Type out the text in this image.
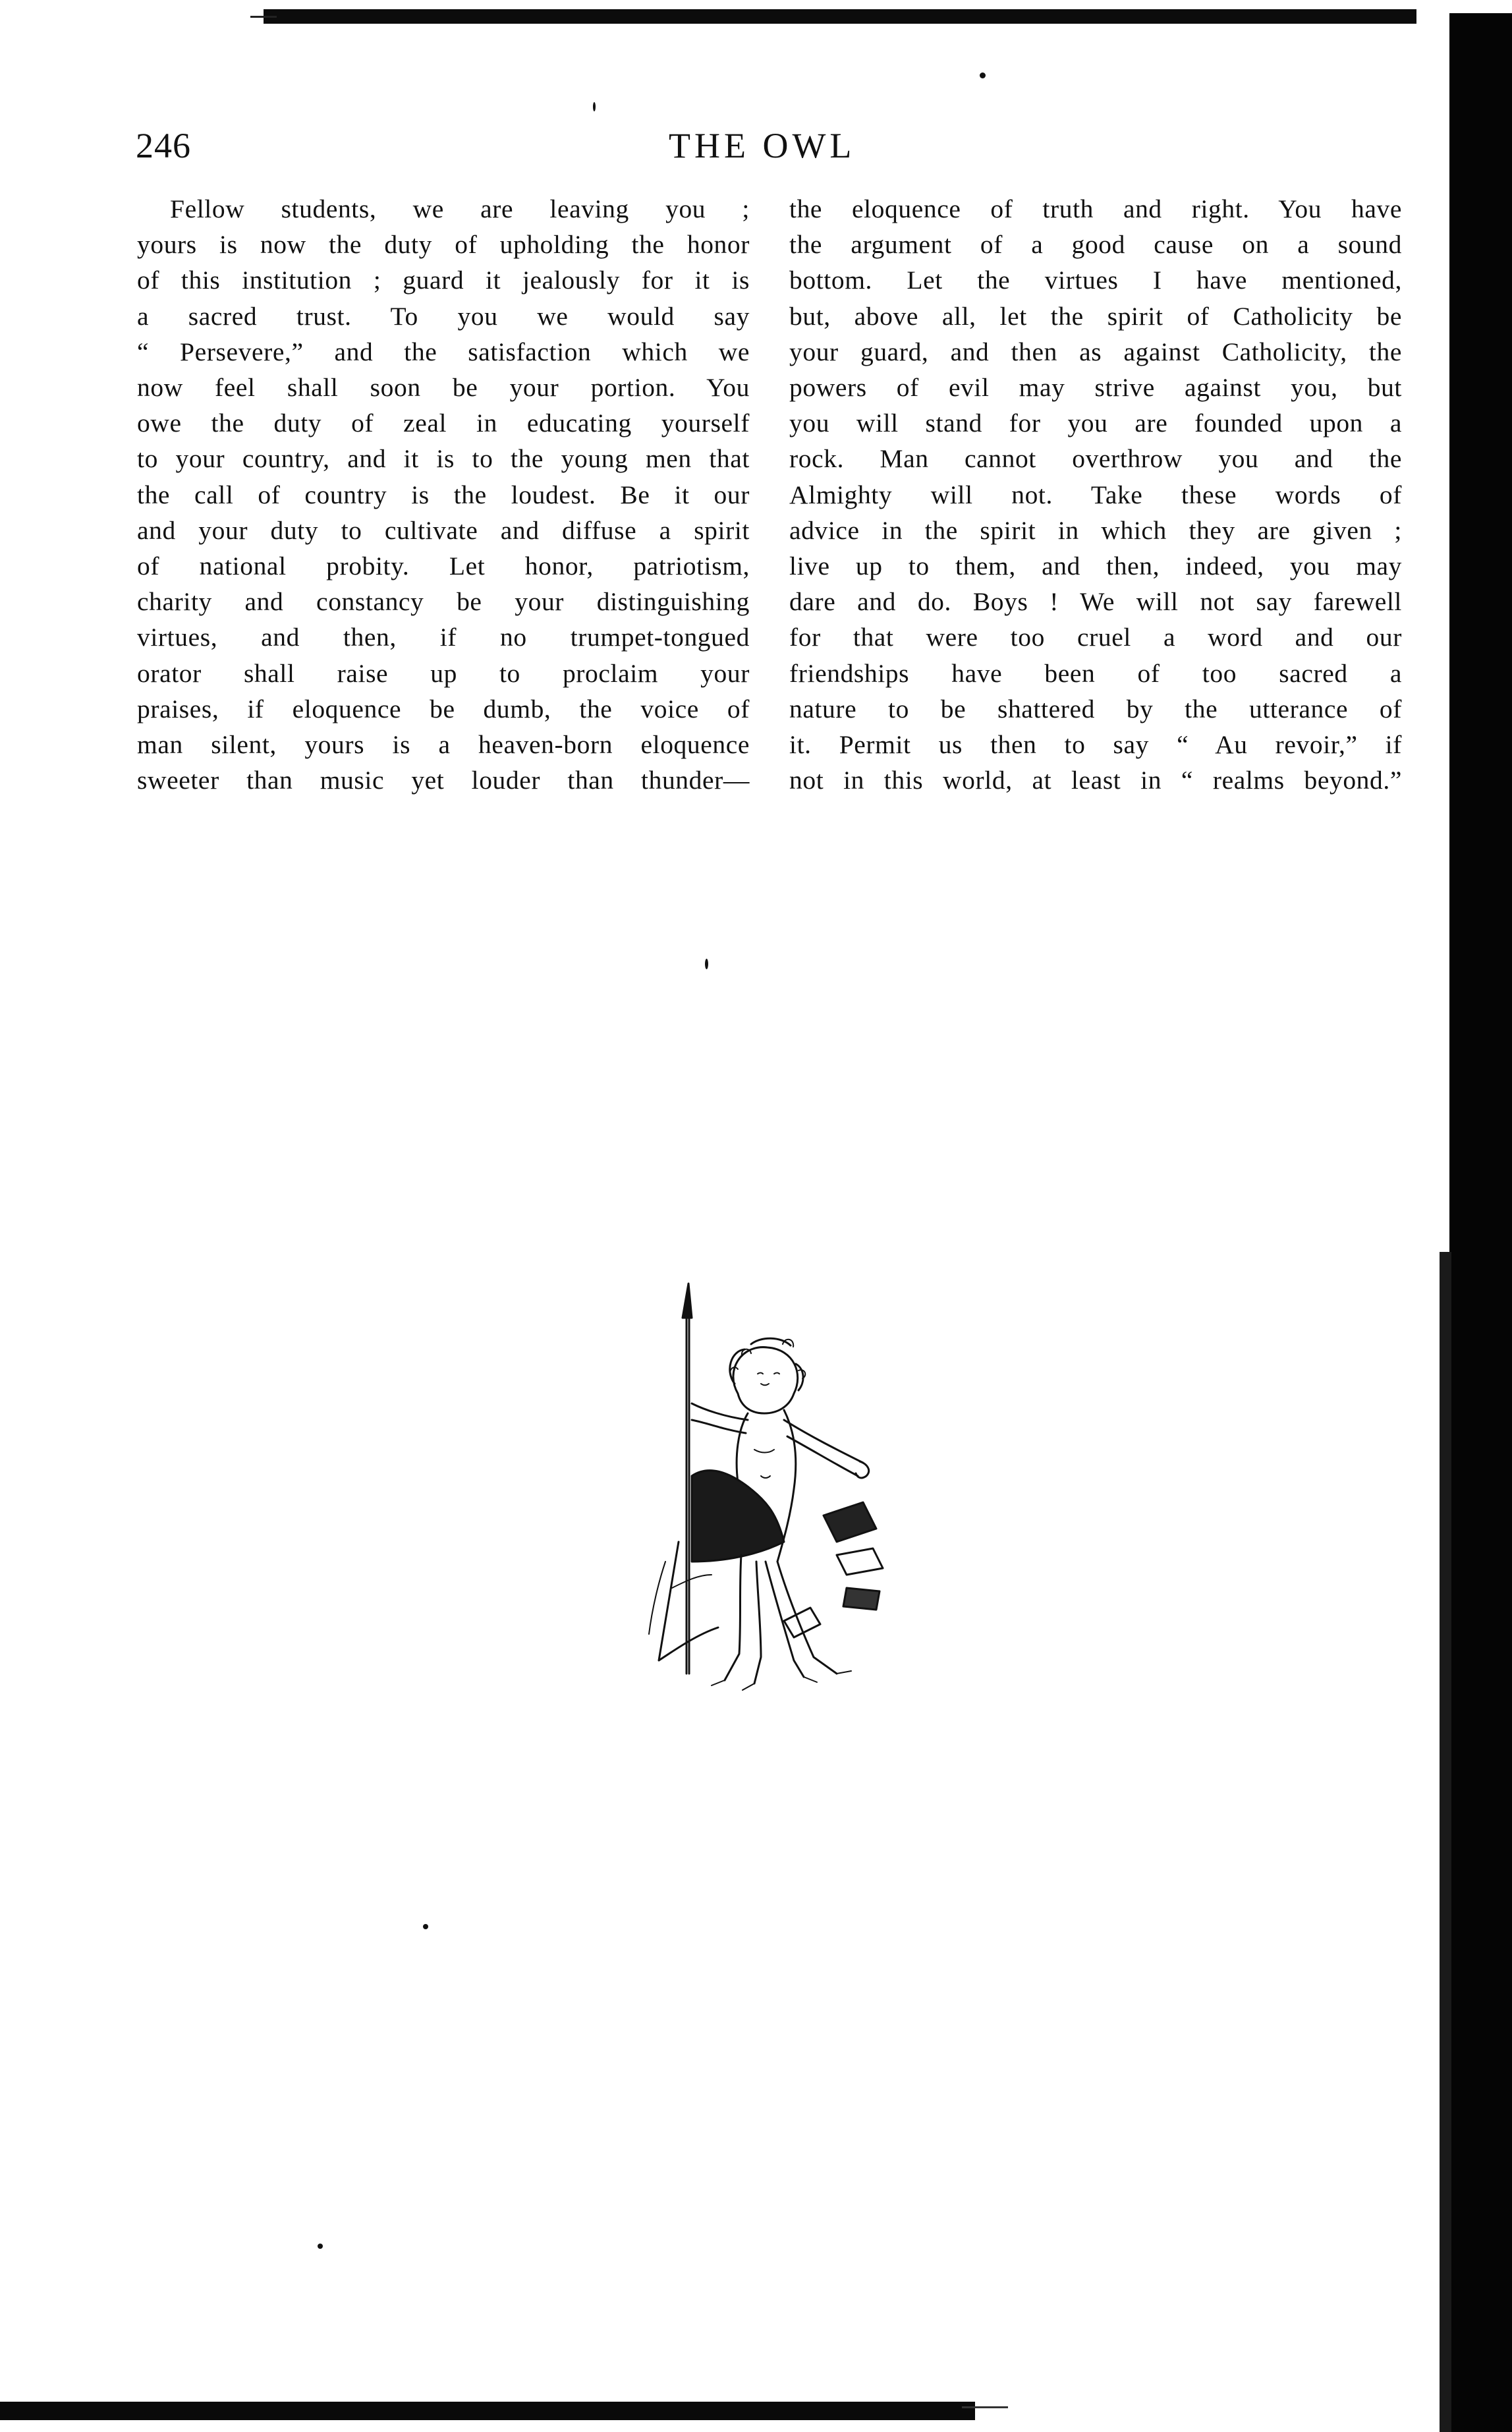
246	THE OWL
Fellow students, we are leaving you ;
yours is now the duty of upholding the honor
of this institution ; guard it jealously for it is
a sacred trust. To you we would say
“ Persevere,” and the satisfaction which we
now feel shall soon be your portion. You
owe the duty of zeal in educating yourself
to your country, and it is to the young men that
the call of country is the loudest. Be it our
and your duty to cultivate and diffuse a spirit
of national probity. Let honor, patriotism,
charity and constancy be your distinguishing
virtues, and then, if no trumpet-tongued
orator shall raise up to proclaim your
praises, if eloquence be dumb, the voice of
man silent, yours is a heaven-born eloquence
sweeter than music yet louder than thunder—
the eloquence of truth and right. You have
the argument of a good cause on a sound
bottom. Let the virtues I have mentioned,
but, above all, let the spirit of Catholicity be
your guard, and then as against Catholicity, the
powers of evil may strive against you, but
you will stand for you are founded upon a
rock. Man cannot overthrow you and the
Almighty will not. Take these words of
advice in the spirit in which they are given ;
live up to them, and then, indeed, you may
dare and do. Boys ! We will not say farewell
for that were too cruel a word and our
friendships have been of too sacred a
nature to be shattered by the utterance of
it. Permit us then to say “ Au revoir,” if
not in this world, at least in “ realms beyond.”
